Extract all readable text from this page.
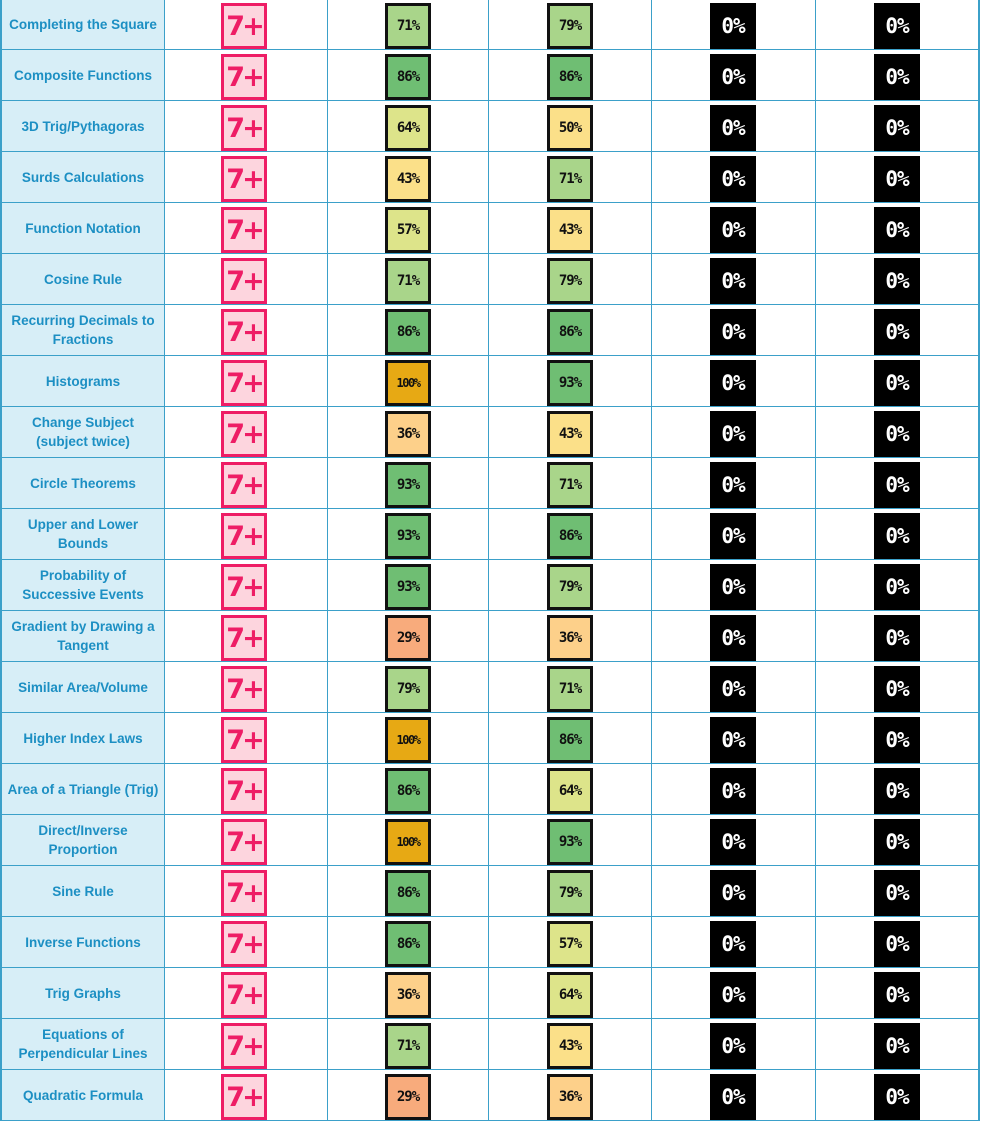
Completing the Square	7+	71%	79%	0%	0%
Composite Functions	7+	86%	86%	0%	0%
3D Trig/Pythagoras	7+	64%	50%	0%	0%
Surds Calculations	7+	43%	71%	0%	0%
Function Notation	7+	57%	43%	0%	0%
Cosine Rule	7+	71%	79%	0%	0%
Recurring Decimals to Fractions	7+	86%	86%	0%	0%
Histograms	7+	100%	93%	0%	0%
Change Subject (subject twice)	7+	36%	43%	0%	0%
Circle Theorems	7+	93%	71%	0%	0%
Upper and Lower Bounds	7+	93%	86%	0%	0%
Probability of Successive Events	7+	93%	79%	0%	0%
Gradient by Drawing a Tangent	7+	29%	36%	0%	0%
Similar Area/Volume	7+	79%	71%	0%	0%
Higher Index Laws	7+	100%	86%	0%	0%
Area of a Triangle (Trig)	7+	86%	64%	0%	0%
Direct/Inverse Proportion	7+	100%	93%	0%	0%
Sine Rule	7+	86%	79%	0%	0%
Inverse Functions	7+	86%	57%	0%	0%
Trig Graphs	7+	36%	64%	0%	0%
Equations of Perpendicular Lines	7+	71%	43%	0%	0%
Quadratic Formula	7+	29%	36%	0%	0%
